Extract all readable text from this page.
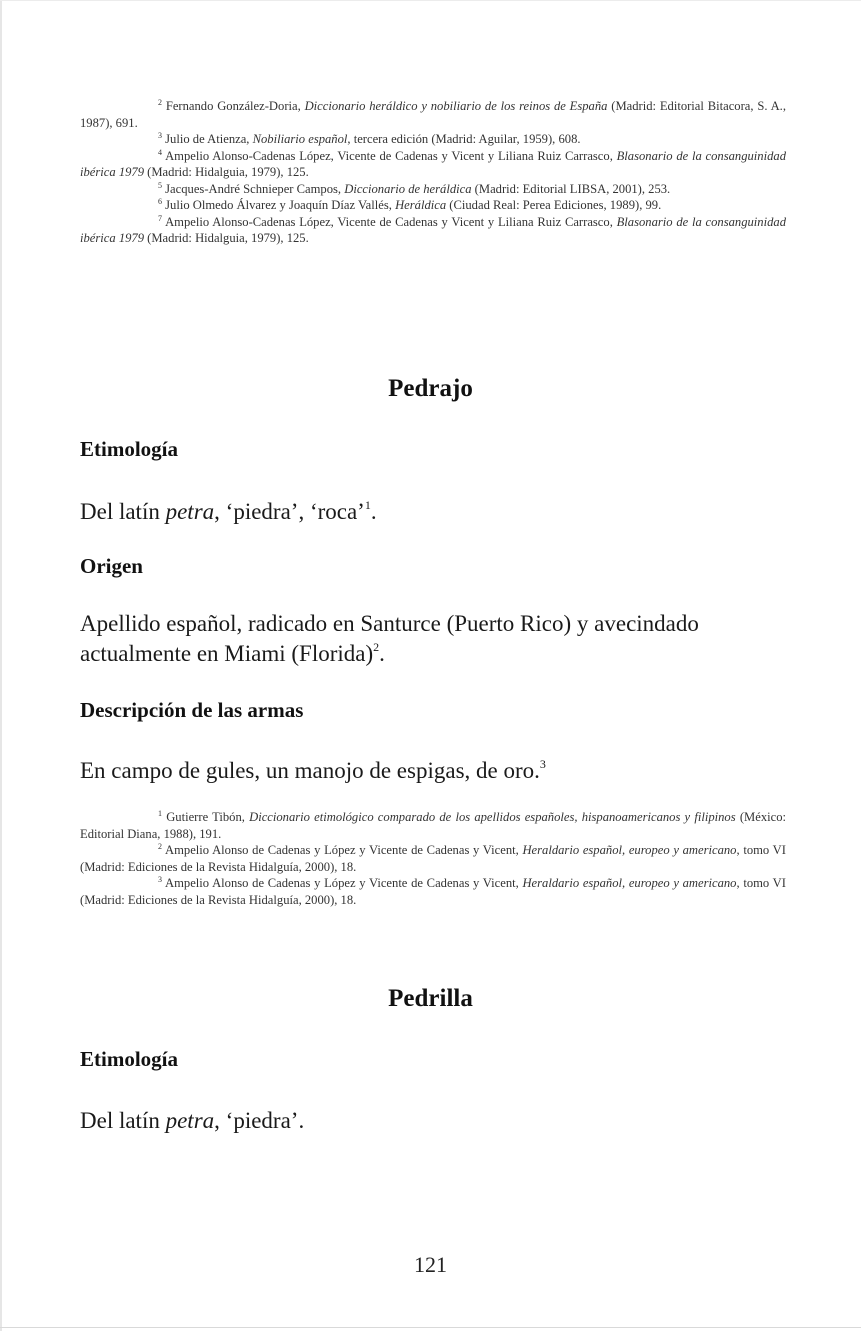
$^2$ Fernando González-Doria, Diccionario heráldico y nobiliario de los reinos de España (Madrid: Editorial Bitacora, S. A., 1987), 691.
$^3$ Julio de Atienza, Nobiliario español, tercera edición (Madrid: Aguilar, 1959), 608.
$^4$ Ampelio Alonso-Cadenas López, Vicente de Cadenas y Vicent y Liliana Ruiz Carrasco, Blasonario de la consanguinidad ibérica 1979 (Madrid: Hidalguia, 1979), 125.
$^5$ Jacques-André Schnieper Campos, Diccionario de heráldica (Madrid: Editorial LIBSA, 2001), 253.
$^6$ Julio Olmedo Álvarez y Joaquín Díaz Vallés, Heráldica (Ciudad Real: Perea Ediciones, 1989), 99.
$^7$ Ampelio Alonso-Cadenas López, Vicente de Cadenas y Vicent y Liliana Ruiz Carrasco, Blasonario de la consanguinidad ibérica 1979 (Madrid: Hidalguia, 1979), 125.
Pedrajo
Etimología

Del latín petra, ‘piedra’, ‘roca’$^1$.

Origen

Apellido español, radicado en Santurce (Puerto Rico) y avecindado actualmente en Miami (Florida)$^2$.

Descripción de las armas

En campo de gules, un manojo de espigas, de oro.$^3$

$^1$ Gutierre Tibón, Diccionario etimológico comparado de los apellidos españoles, hispanoamericanos y filipinos (México: Editorial Diana, 1988), 191.
$^2$ Ampelio Alonso de Cadenas y López y Vicente de Cadenas y Vicent, Heraldario español, europeo y americano, tomo VI (Madrid: Ediciones de la Revista Hidalguía, 2000), 18.
$^3$ Ampelio Alonso de Cadenas y López y Vicente de Cadenas y Vicent, Heraldario español, europeo y americano, tomo VI (Madrid: Ediciones de la Revista Hidalguía, 2000), 18.
Pedrilla
Etimología

Del latín petra, ‘piedra’.

121
